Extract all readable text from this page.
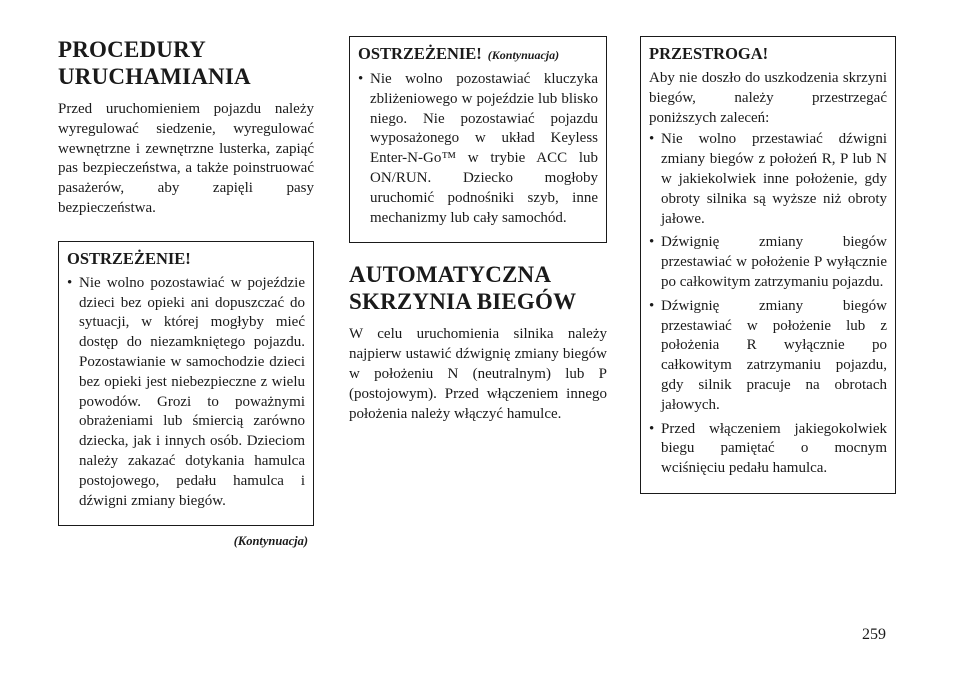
PROCEDURY URUCHAMIANIA

Przed uruchomieniem pojazdu należy wyregulować siedzenie, wyregulować wewnętrzne i zewnętrzne lusterka, zapiąć pas bezpieczeństwa, a także poinstruować pasażerów, aby zapięli pasy bezpieczeństwa.

OSTRZEŻENIE!
• Nie wolno pozostawiać w pojeździe dzieci bez opieki ani dopuszczać do sytuacji, w której mogłyby mieć dostęp do niezamkniętego pojazdu. Pozostawianie w samochodzie dzieci bez opieki jest niebezpieczne z wielu powodów. Grozi to poważnymi obrażeniami lub śmiercią zarówno dziecka, jak i innych osób. Dzieciom należy zakazać dotykania hamulca postojowego, pedału hamulca i dźwigni zmiany biegów.
(Kontynuacja)
OSTRZEŻENIE! (Kontynuacja)
• Nie wolno pozostawiać kluczyka zbliżeniowego w pojeździe lub blisko niego. Nie pozostawiać pojazdu wyposażonego w układ Keyless Enter-N-Go™ w trybie ACC lub ON/RUN. Dziecko mogłoby uruchomić podnośniki szyb, inne mechanizmy lub cały samochód.
AUTOMATYCZNA SKRZYNIA BIEGÓW

W celu uruchomienia silnika należy najpierw ustawić dźwignię zmiany biegów w położeniu N (neutralnym) lub P (postojowym). Przed włączeniem innego położenia należy włączyć hamulce.

PRZESTROGA!

Aby nie doszło do uszkodzenia skrzyni biegów, należy przestrzegać poniższych zaleceń:

• Nie wolno przestawiać dźwigni zmiany biegów z położeń R, P lub N w jakiekolwiek inne położenie, gdy obroty silnika są wyższe niż obroty jałowe.
• Dźwignię zmiany biegów przestawiać w położenie P wyłącznie po całkowitym zatrzymaniu pojazdu.
• Dźwignię zmiany biegów przestawiać w położenie lub z położenia R wyłącznie po całkowitym zatrzymaniu pojazdu, gdy silnik pracuje na obrotach jałowych.
• Przed włączeniem jakiegokolwiek biegu pamiętać o mocnym wciśnięciu pedału hamulca.
259
